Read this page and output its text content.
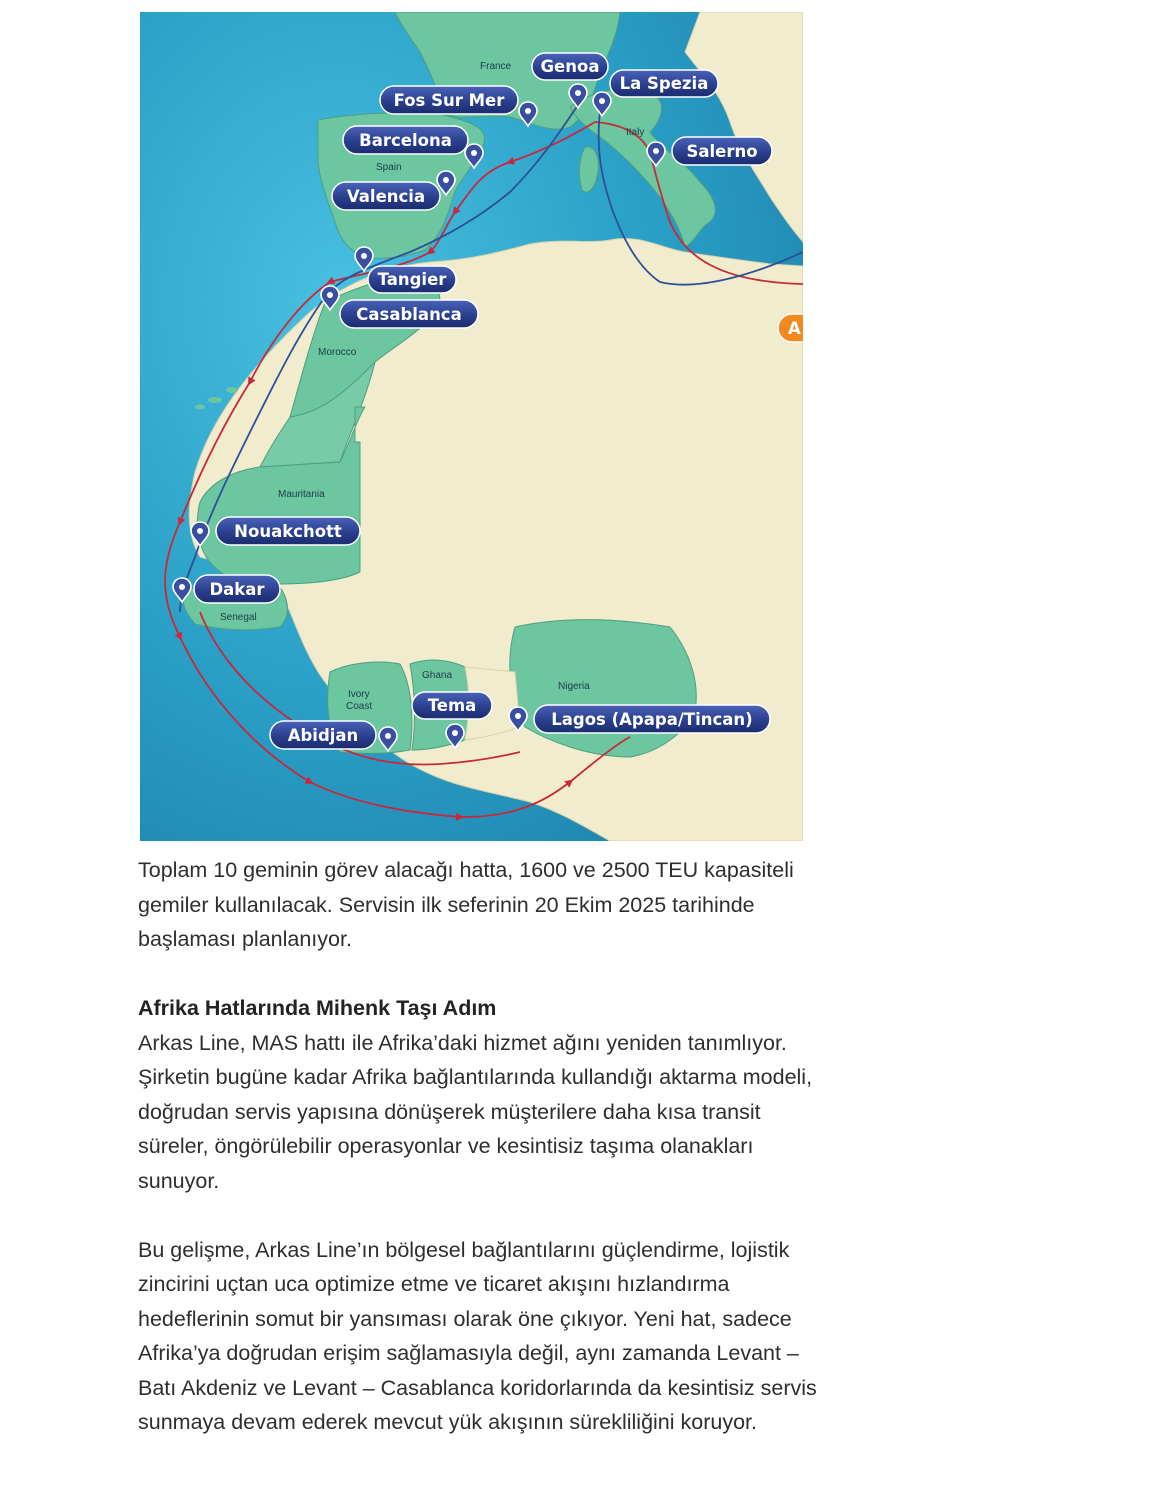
France
Spain
Italy
Morocco
Mauritania
Senegal
Ivory
Coast
Ghana
Nigeria
Genoa
La Spezia
Fos Sur Mer
Barcelona
Salerno
Valencia
Tangier
Casablanca
Nouakchott
Dakar
Tema
Lagos (Apapa/Tincan)
Abidjan
A

Toplam 10 geminin görev alacağı hatta, 1600 ve 2500 TEU kapasiteli gemiler kullanılacak. Servisin ilk seferinin 20 Ekim 2025 tarihinde başlaması planlanıyor.

Afrika Hatlarında Mihenk Taşı Adım

Arkas Line, MAS hattı ile Afrika’daki hizmet ağını yeniden tanımlıyor. Şirketin bugüne kadar Afrika bağlantılarında kullandığı aktarma modeli, doğrudan servis yapısına dönüşerek müşterilere daha kısa transit süreler, öngörülebilir operasyonlar ve kesintisiz taşıma olanakları sunuyor.

Bu gelişme, Arkas Line’ın bölgesel bağlantılarını güçlendirme, lojistik zincirini uçtan uca optimize etme ve ticaret akışını hızlandırma hedeflerinin somut bir yansıması olarak öne çıkıyor. Yeni hat, sadece Afrika’ya doğrudan erişim sağlamasıyla değil, aynı zamanda Levant – Batı Akdeniz ve Levant – Casablanca koridorlarında da kesintisiz servis sunmaya devam ederek mevcut yük akışının sürekliliğini koruyor.
